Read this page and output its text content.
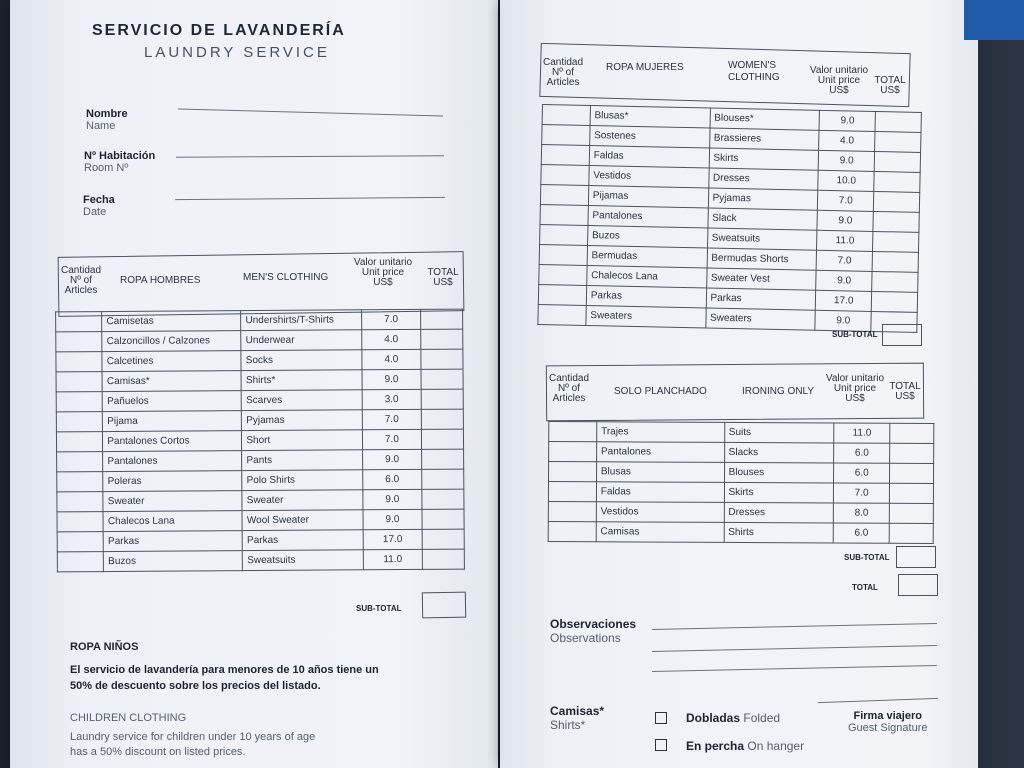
SERVICIO DE LAVANDERÍA
LAUNDRY SERVICE
Nombre
Name
Nº Habitación
Room Nº
Fecha
Date
Cantidad
Nº of
Articles
ROPA HOMBRES	MEN'S CLOTHING
Valor unitario
Unit price
US$
TOTAL
US$
	Camisetas	Undershirts/T-Shirts	7.0	
	Calzoncillos / Calzones	Underwear	4.0	
	Calcetines	Socks	4.0	
	Camisas*	Shirts*	9.0	
	Pañuelos	Scarves	3.0	
	Pijama	Pyjamas	7.0	
	Pantalones Cortos	Short	7.0	
	Pantalones	Pants	9.0	
	Poleras	Polo Shirts	6.0	
	Sweater	Sweater	9.0	
	Chalecos Lana	Wool Sweater	9.0	
	Parkas	Parkas	17.0	
	Buzos	Sweatsuits	11.0	
SUB-TOTAL
ROPA NIÑOS
El servicio de lavandería para menores de 10 años tiene un 50% de descuento sobre los precios del listado.
CHILDREN CLOTHING
Laundry service for children under 10 years of age has a 50% discount on listed prices.
Cantidad
Nº of
Articles
ROPA MUJERES	WOMEN'S
CLOTHING
Valor unitario
Unit price
US$
TOTAL
US$
	Blusas*	Blouses*	9.0	
	Sostenes	Brassieres	4.0	
	Faldas	Skirts	9.0	
	Vestidos	Dresses	10.0	
	Pijamas	Pyjamas	7.0	
	Pantalones	Slack	9.0	
	Buzos	Sweatsuits	11.0	
	Bermudas	Bermudas Shorts	7.0	
	Chalecos Lana	Sweater Vest	9.0	
	Parkas	Parkas	17.0	
	Sweaters	Sweaters	9.0	
SUB-TOTAL
Cantidad
Nº of
Articles
SOLO PLANCHADO	IRONING ONLY
Valor unitario
Unit price
US$
TOTAL
US$
	Trajes	Suits	11.0	
	Pantalones	Slacks	6.0	
	Blusas	Blouses	6.0	
	Faldas	Skirts	7.0	
	Vestidos	Dresses	8.0	
	Camisas	Shirts	6.0	
SUB-TOTAL
TOTAL
Observaciones
Observations
Camisas*
Shirts*	Dobladas Folded
En percha On hanger
Firma viajero
Guest Signature
